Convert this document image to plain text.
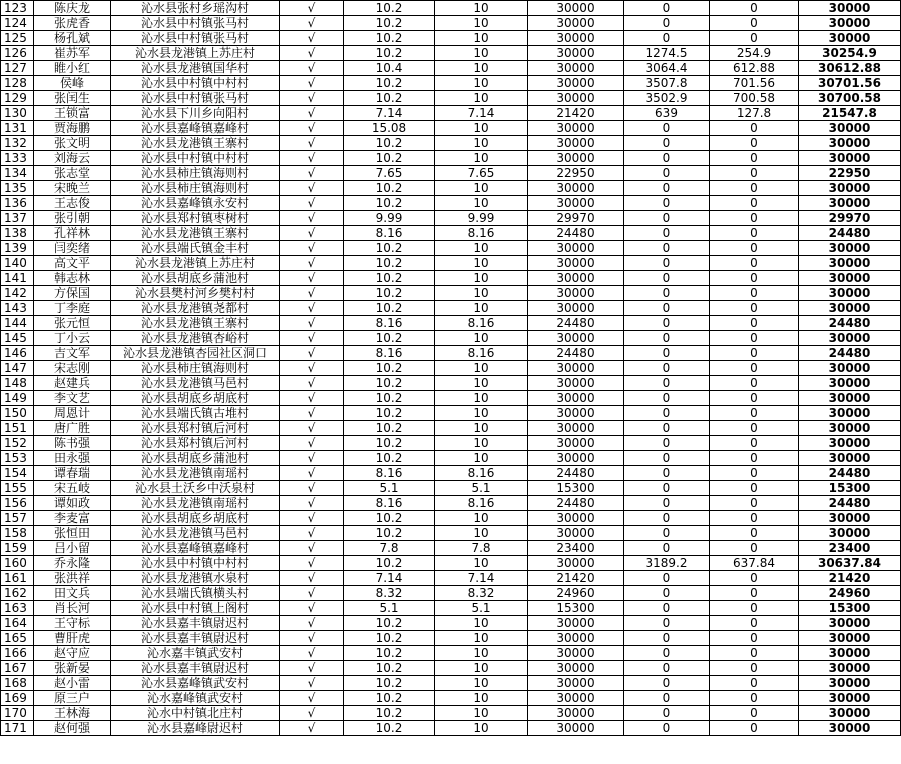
123	陈庆龙	沁水县张村乡瑶沟村	√	10.2	10	30000	0	0	30000
124	张虎香	沁水县中村镇张马村	√	10.2	10	30000	0	0	30000
125	杨孔斌	沁水县中村镇张马村	√	10.2	10	30000	0	0	30000
126	崔苏军	沁水县龙港镇上苏庄村	√	10.2	10	30000	1274.5	254.9	30254.9
127	睢小红	沁水县龙港镇国华村	√	10.4	10	30000	3064.4	612.88	30612.88
128	侯峰	沁水县中村镇中村村	√	10.2	10	30000	3507.8	701.56	30701.56
129	张闰生	沁水县中村镇张马村	√	10.2	10	30000	3502.9	700.58	30700.58
130	王锁富	沁水县下川乡向阳村	√	7.14	7.14	21420	639	127.8	21547.8
131	贾海鹏	沁水县嘉峰镇嘉峰村	√	15.08	10	30000	0	0	30000
132	张文明	沁水县龙港镇王寨村	√	10.2	10	30000	0	0	30000
133	刘海云	沁水县中村镇中村村	√	10.2	10	30000	0	0	30000
134	张志堂	沁水县柿庄镇海则村	√	7.65	7.65	22950	0	0	22950
135	宋晚兰	沁水县柿庄镇海则村	√	10.2	10	30000	0	0	30000
136	王志俊	沁水县嘉峰镇永安村	√	10.2	10	30000	0	0	30000
137	张引朝	沁水县郑村镇枣树村	√	9.99	9.99	29970	0	0	29970
138	孔祥林	沁水县龙港镇王寨村	√	8.16	8.16	24480	0	0	24480
139	闫奕绪	沁水县端氏镇金丰村	√	10.2	10	30000	0	0	30000
140	高文平	沁水县龙港镇上苏庄村	√	10.2	10	30000	0	0	30000
141	韩志林	沁水县胡底乡蒲池村	√	10.2	10	30000	0	0	30000
142	方保国	沁水县樊村河乡樊村村	√	10.2	10	30000	0	0	30000
143	丁李庭	沁水县龙港镇尧都村	√	10.2	10	30000	0	0	30000
144	张元恒	沁水县龙港镇王寨村	√	8.16	8.16	24480	0	0	24480
145	丁小云	沁水县龙港镇杏峪村	√	10.2	10	30000	0	0	30000
146	吉文军	沁水县龙港镇杏园社区洞口	√	8.16	8.16	24480	0	0	24480
147	宋志刚	沁水县柿庄镇海则村	√	10.2	10	30000	0	0	30000
148	赵建兵	沁水县龙港镇马邑村	√	10.2	10	30000	0	0	30000
149	李文艺	沁水县胡底乡胡底村	√	10.2	10	30000	0	0	30000
150	周恩计	沁水县端氏镇古堆村	√	10.2	10	30000	0	0	30000
151	唐广胜	沁水县郑村镇后河村	√	10.2	10	30000	0	0	30000
152	陈书强	沁水县郑村镇后河村	√	10.2	10	30000	0	0	30000
153	田永强	沁水县胡底乡蒲池村	√	10.2	10	30000	0	0	30000
154	谭春瑞	沁水县龙港镇南瑶村	√	8.16	8.16	24480	0	0	24480
155	宋五岐	沁水县土沃乡中沃泉村	√	5.1	5.1	15300	0	0	15300
156	谭如政	沁水县龙港镇南瑶村	√	8.16	8.16	24480	0	0	24480
157	李麦富	沁水县胡底乡胡底村	√	10.2	10	30000	0	0	30000
158	张恒田	沁水县龙港镇马邑村	√	10.2	10	30000	0	0	30000
159	吕小留	沁水县嘉峰镇嘉峰村	√	7.8	7.8	23400	0	0	23400
160	乔永隆	沁水县中村镇中村村	√	10.2	10	30000	3189.2	637.84	30637.84
161	张洪祥	沁水县龙港镇水泉村	√	7.14	7.14	21420	0	0	21420
162	田文兵	沁水县端氏镇横头村	√	8.32	8.32	24960	0	0	24960
163	肖长河	沁水县中村镇上阁村	√	5.1	5.1	15300	0	0	15300
164	王守标	沁水县嘉丰镇尉迟村	√	10.2	10	30000	0	0	30000
165	曹肝虎	沁水县嘉丰镇尉迟村	√	10.2	10	30000	0	0	30000
166	赵守应	沁水嘉丰镇武安村	√	10.2	10	30000	0	0	30000
167	张新晏	沁水县嘉丰镇尉迟村	√	10.2	10	30000	0	0	30000
168	赵小雷	沁水县嘉峰镇武安村	√	10.2	10	30000	0	0	30000
169	原三户	沁水嘉峰镇武安村	√	10.2	10	30000	0	0	30000
170	王林海	沁水中村镇北庄村	√	10.2	10	30000	0	0	30000
171	赵何强	沁水县嘉峰尉迟村	√	10.2	10	30000	0	0	30000
